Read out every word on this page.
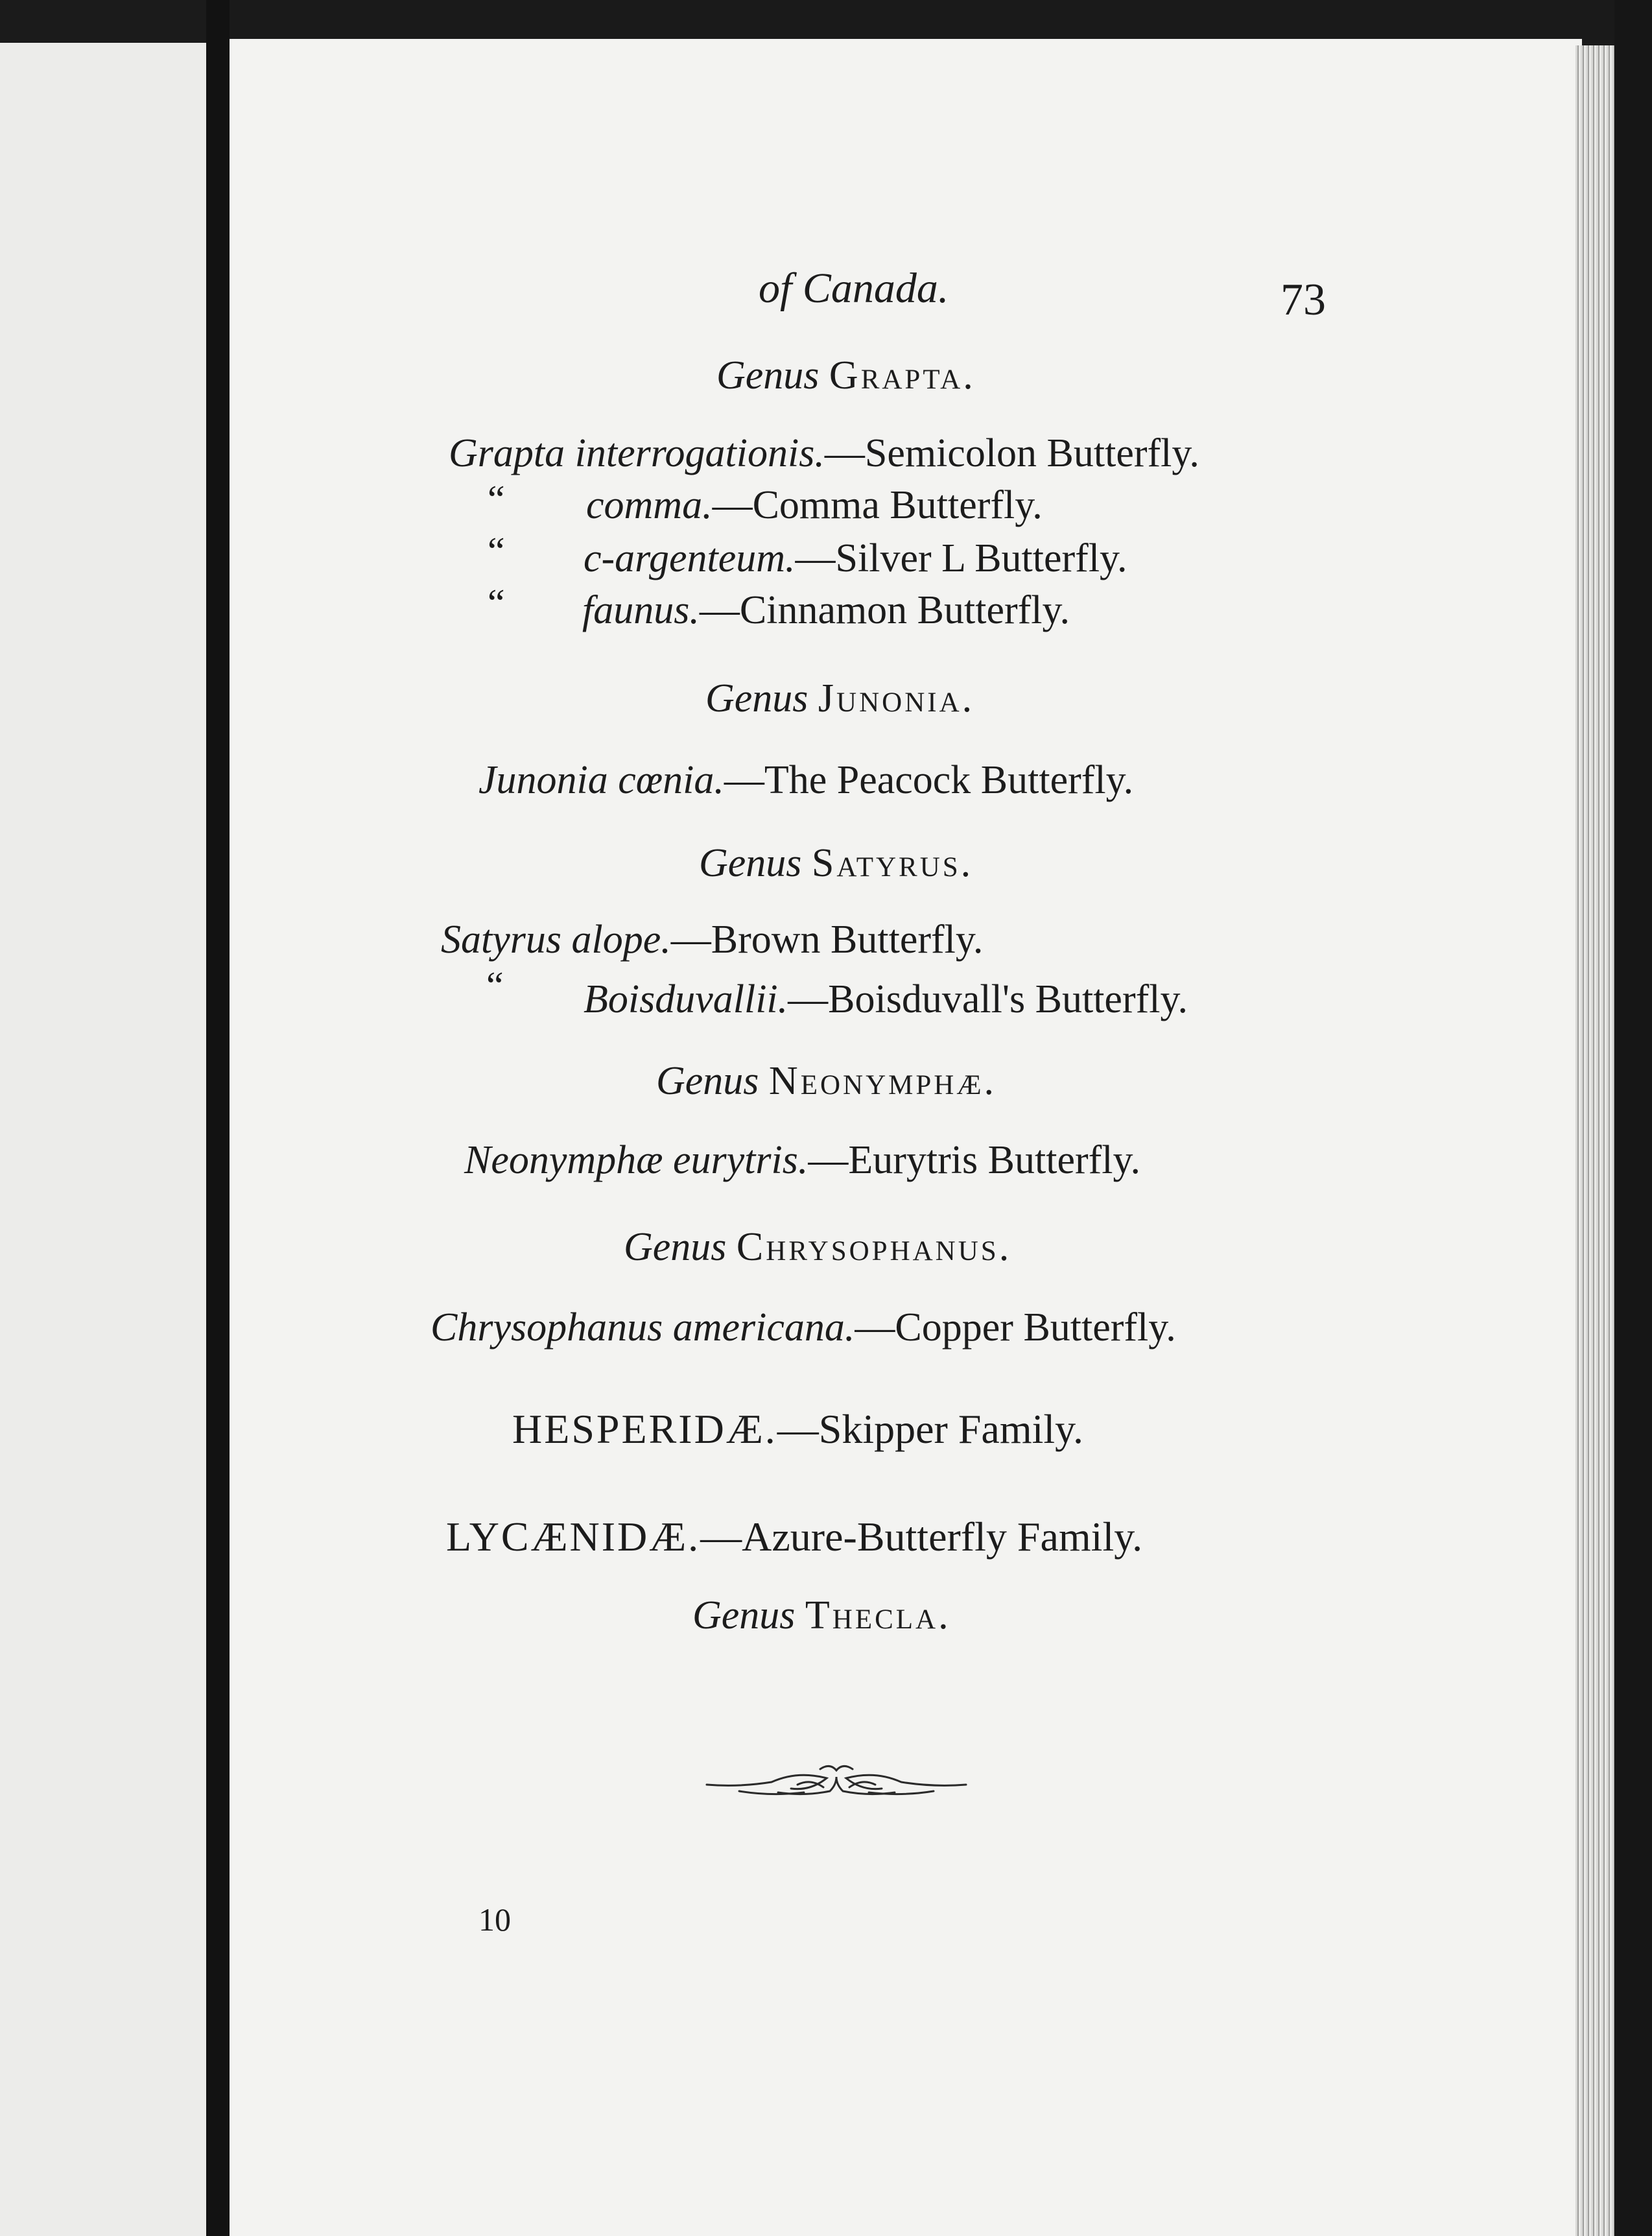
of Canada.	73
Genus Grapta.
Grapta interrogationis.—Semicolon Butterfly.
“ comma.—Comma Butterfly.
“ c-argenteum.—Silver L Butterfly.
“ faunus.—Cinnamon Butterfly.
Genus Junonia.
Junonia cœnia.—The Peacock Butterfly.
Genus Satyrus.
Satyrus alope.—Brown Butterfly.
“ Boisduvallii.—Boisduvall's Butterfly.
Genus Neonymphæ.
Neonymphæ eurytris.—Eurytris Butterfly.
Genus Chrysophanus.
Chrysophanus americana.—Copper Butterfly.
HESPERIDÆ.—Skipper Family.
LYCÆNIDÆ.—Azure-Butterfly Family.
Genus Thecla.
10
